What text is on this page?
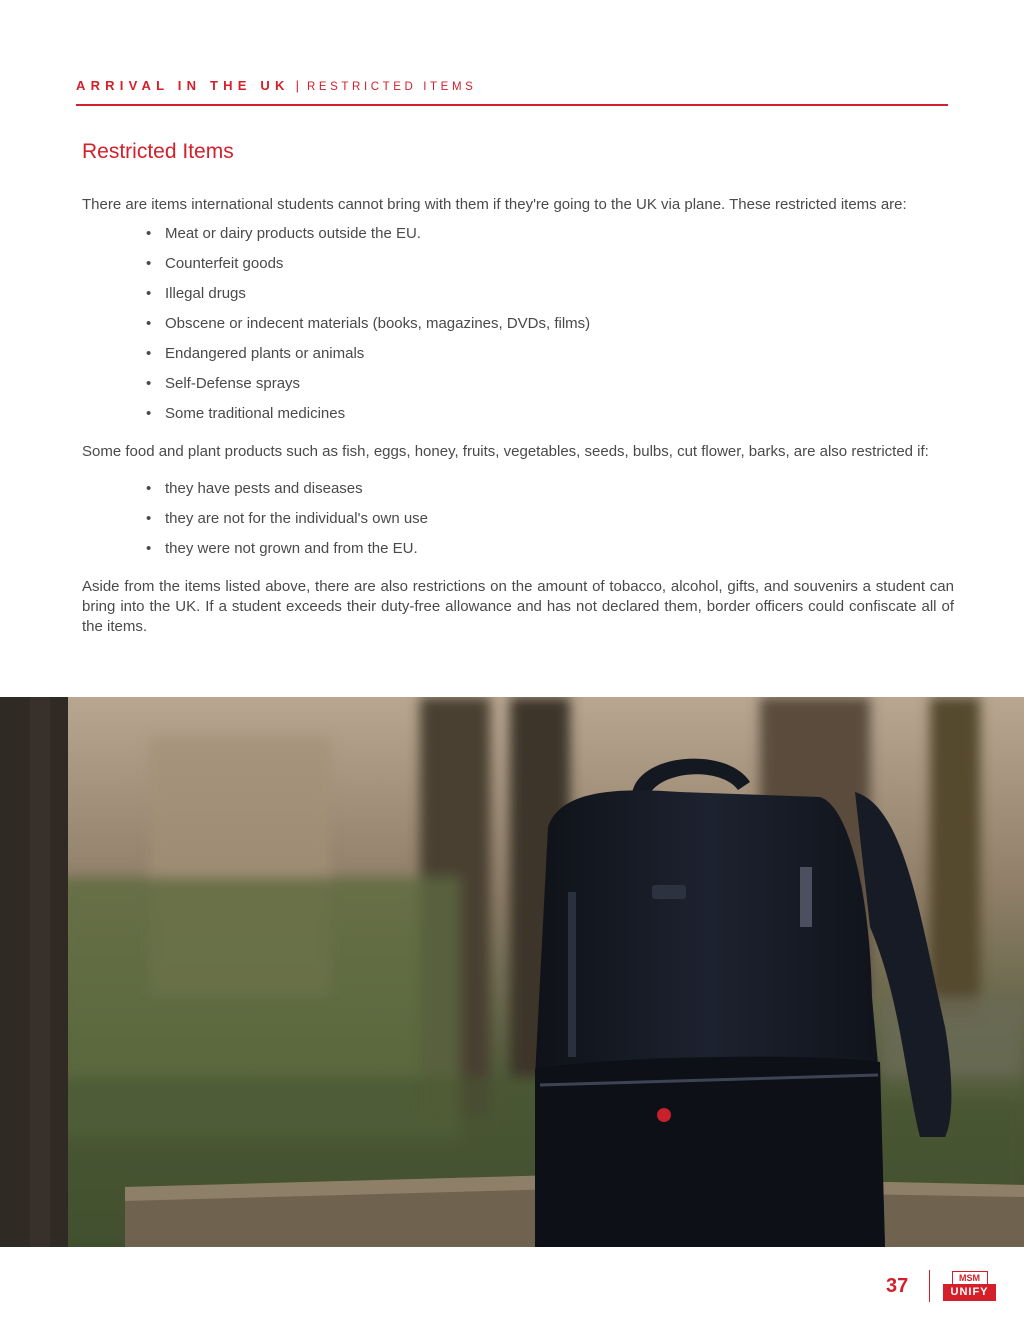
ARRIVAL IN THE UK | RESTRICTED ITEMS
Restricted Items

There are items international students cannot bring with them if they're going to the UK via plane. These restricted items are:

• Meat or dairy products outside the EU.
• Counterfeit goods
• Illegal drugs
• Obscene or indecent materials (books, magazines, DVDs, films)
• Endangered plants or animals
• Self-Defense sprays
• Some traditional medicines

Some food and plant products such as fish, eggs, honey, fruits, vegetables, seeds, bulbs, cut flower, barks, are also restricted if:

• they have pests and diseases
• they are not for the individual's own use
• they were not grown and from the EU.

Aside from the items listed above, there are also restrictions on the amount of tobacco, alcohol, gifts, and souvenirs a student can bring into the UK. If a student exceeds their duty-free allowance and has not declared them, border officers could confiscate all of the items.

37	MSM
UNIFY
